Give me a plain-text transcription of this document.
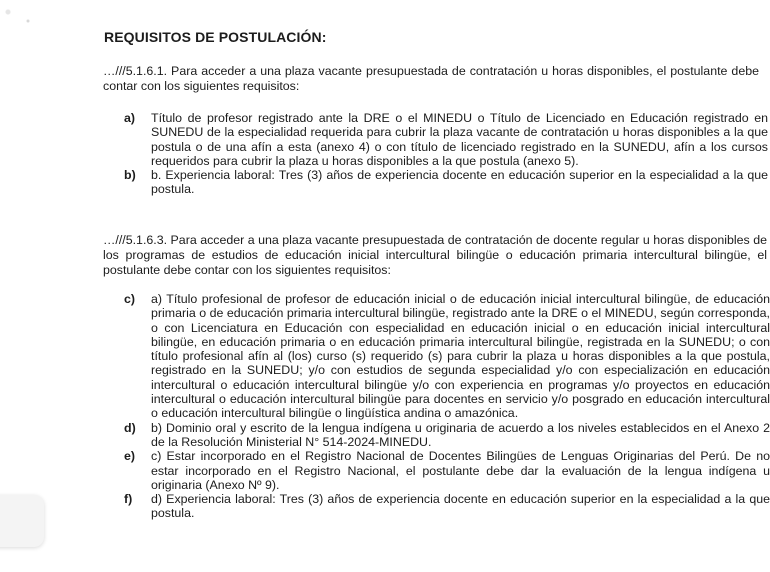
REQUISITOS DE POSTULACIÓN:

…///5.1.6.1. Para acceder a una plaza vacante presupuestada de contratación u horas disponibles, el postulante debe contar con los siguientes requisitos:

a)	Título de profesor registrado ante la DRE o el MINEDU o Título de Licenciado en Educación registrado en SUNEDU de la especialidad requerida para cubrir la plaza vacante de contratación u horas disponibles a la que postula o de una afín a esta (anexo 4) o con título de licenciado registrado en la SUNEDU, afín a los cursos requeridos para cubrir la plaza u horas disponibles a la que postula (anexo 5).
b)	b. Experiencia laboral: Tres (3) años de experiencia docente en educación superior en la especialidad a la que postula.

…///5.1.6.3. Para acceder a una plaza vacante presupuestada de contratación de docente regular u horas disponibles de los programas de estudios de educación inicial intercultural bilingüe o educación primaria intercultural bilingüe, el postulante debe contar con los siguientes requisitos:

c)	a) Título profesional de profesor de educación inicial o de educación inicial intercultural bilingüe, de educación primaria o de educación primaria intercultural bilingüe, registrado ante la DRE o el MINEDU, según corresponda, o con Licenciatura en Educación con especialidad en educación inicial o en educación inicial intercultural bilingüe, en educación primaria o en educación primaria intercultural bilingüe, registrada en la SUNEDU; o con título profesional afín al (los) curso (s) requerido (s) para cubrir la plaza u horas disponibles a la que postula, registrado en la SUNEDU; y/o con estudios de segunda especialidad y/o con especialización en educación intercultural o educación intercultural bilingüe y/o con experiencia en programas y/o proyectos en educación intercultural o educación intercultural bilingüe para docentes en servicio y/o posgrado en educación intercultural o educación intercultural bilingüe o lingüística andina o amazónica.
d)	b) Dominio oral y escrito de la lengua indígena u originaria de acuerdo a los niveles establecidos en el Anexo 2 de la Resolución Ministerial N° 514-2024-MINEDU.
e)	c) Estar incorporado en el Registro Nacional de Docentes Bilingües de Lenguas Originarias del Perú. De no estar incorporado en el Registro Nacional, el postulante debe dar la evaluación de la lengua indígena u originaria (Anexo Nº 9).
f)	d) Experiencia laboral: Tres (3) años de experiencia docente en educación superior en la especialidad a la que postula.
